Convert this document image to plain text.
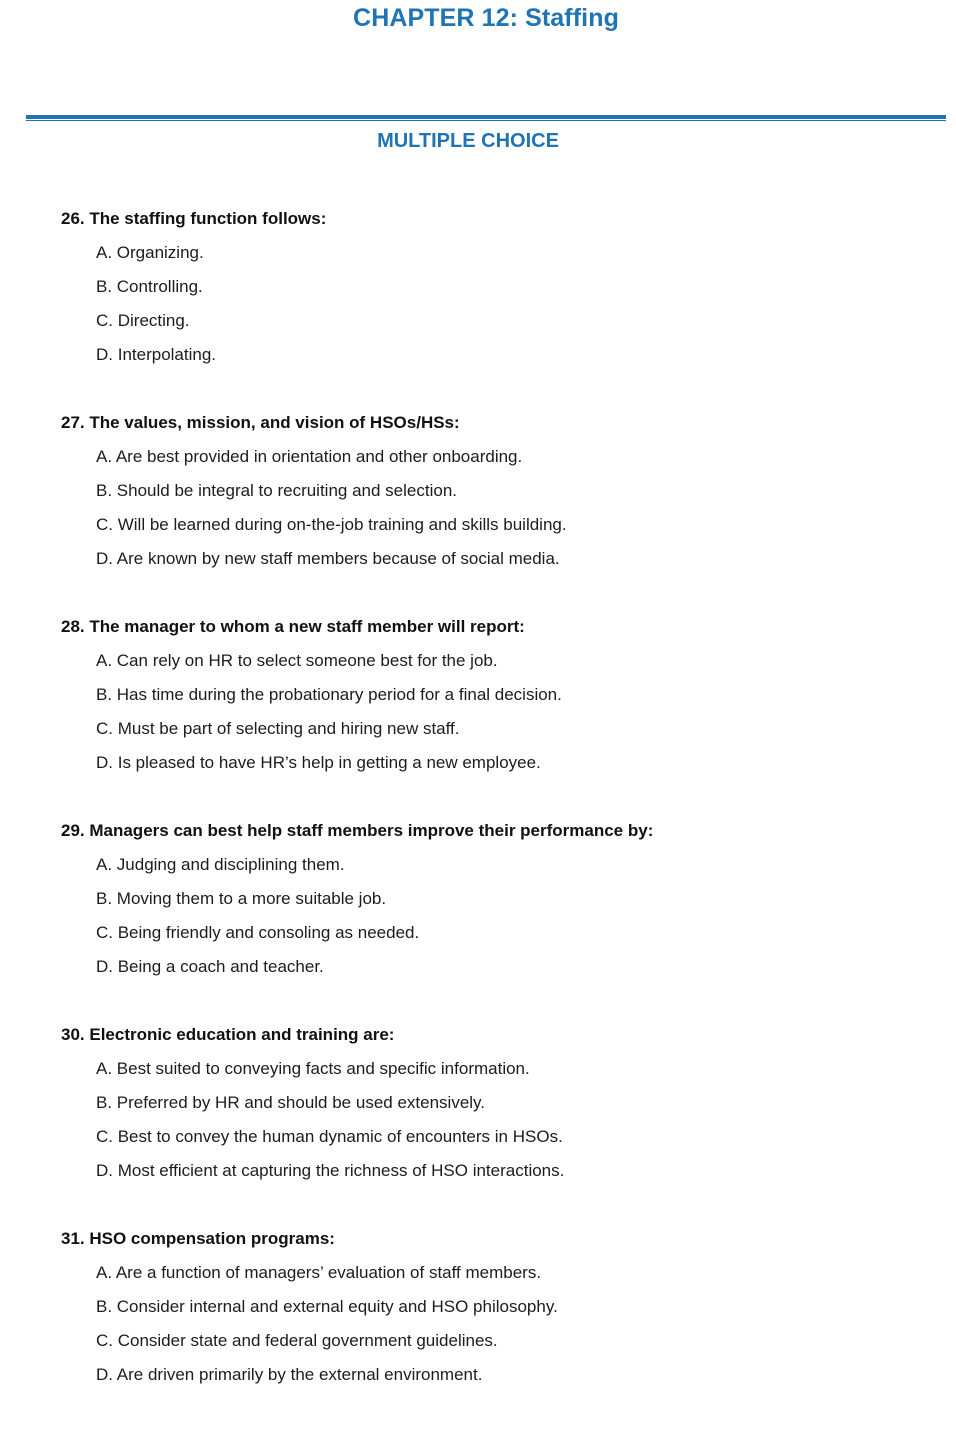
CHAPTER 12: Staffing
MULTIPLE CHOICE
26. The staffing function follows:
A. Organizing.
B. Controlling.
C. Directing.
D. Interpolating.
27. The values, mission, and vision of HSOs/HSs:
A. Are best provided in orientation and other onboarding.
B. Should be integral to recruiting and selection.
C. Will be learned during on-the-job training and skills building.
D. Are known by new staff members because of social media.
28. The manager to whom a new staff member will report:
A. Can rely on HR to select someone best for the job.
B. Has time during the probationary period for a final decision.
C. Must be part of selecting and hiring new staff.
D. Is pleased to have HR’s help in getting a new employee.
29. Managers can best help staff members improve their performance by:
A. Judging and disciplining them.
B. Moving them to a more suitable job.
C. Being friendly and consoling as needed.
D. Being a coach and teacher.
30. Electronic education and training are:
A. Best suited to conveying facts and specific information.
B. Preferred by HR and should be used extensively.
C. Best to convey the human dynamic of encounters in HSOs.
D. Most efficient at capturing the richness of HSO interactions.
31. HSO compensation programs:
A. Are a function of managers’ evaluation of staff members.
B. Consider internal and external equity and HSO philosophy.
C. Consider state and federal government guidelines.
D. Are driven primarily by the external environment.
